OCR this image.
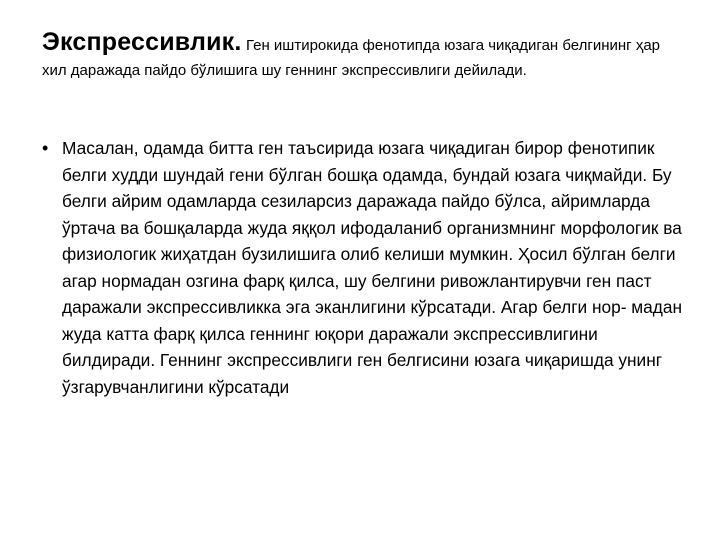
Экспрессивлик. Ген иштирокида фенотипда юзага чиқадиган белгининг ҳар хил даражада пайдо бўлишига шу геннинг экспрессивлиги дейилади.
• Масалан, одамда битта ген таъсирида юзага чиқадиган бирор фенотипик белги худди шундай гени бўлган бошқа одамда, бундай юзага чиқмайди. Бу белги айрим одамларда сезиларсиз даражада пайдо бўлса, айримларда ўртача ва бошқаларда жуда яққол ифодаланиб организмнинг морфологик ва физиологик жиҳатдан бузилишига олиб келиши мумкин. Ҳосил бўлган белги агар нормадан озгина фарқ қилса, шу белгини ривожлантирувчи ген паст даражали экспрессивликка эга эканлигини кўрсатади. Агар белги нор- мадан жуда катта фарқ қилса геннинг юқори даражали экспрессивлигини билдиради. Геннинг экспрессивлиги ген белгисини юзага чиқаришда унинг ўзгарувчанлигини кўрсатади
